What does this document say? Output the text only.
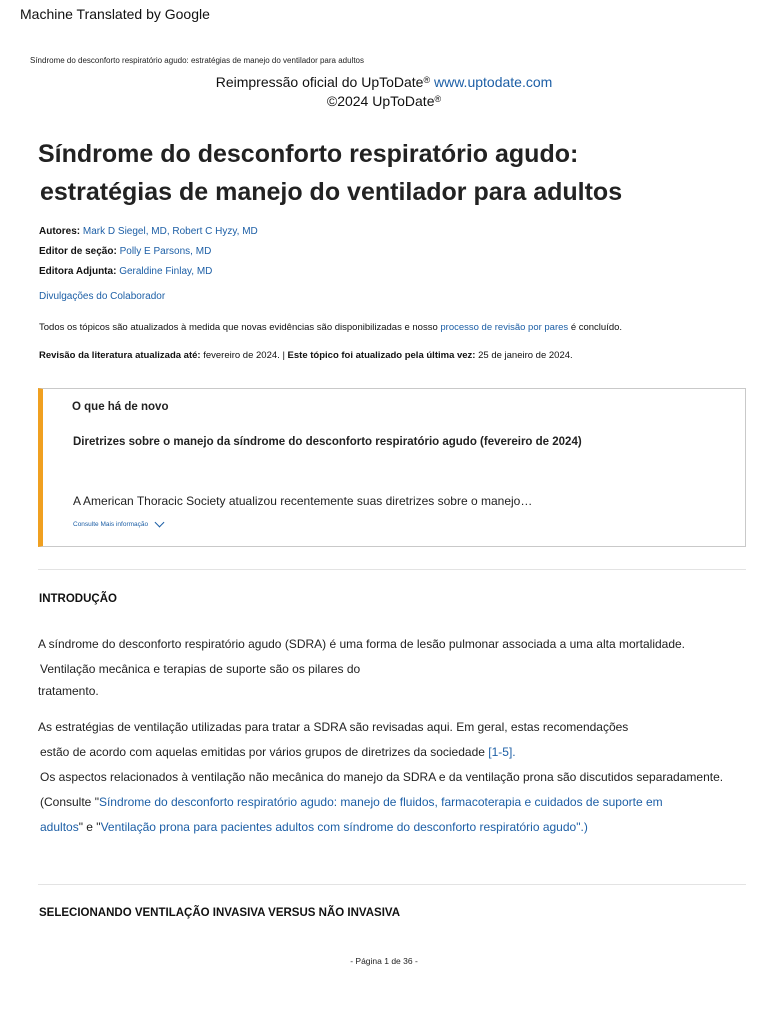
Machine Translated by Google
Síndrome do desconforto respiratório agudo: estratégias de manejo do ventilador para adultos
Reimpressão oficial do UpToDate® www.uptodate.com
©2024 UpToDate®
Síndrome do desconforto respiratório agudo:
estratégias de manejo do ventilador para adultos
Autores: Mark D Siegel, MD, Robert C Hyzy, MD
Editor de seção: Polly E Parsons, MD
Editora Adjunta: Geraldine Finlay, MD
Divulgações do Colaborador
Todos os tópicos são atualizados à medida que novas evidências são disponibilizadas e nosso processo de revisão por pares é concluído.
Revisão da literatura atualizada até: fevereiro de 2024. | Este tópico foi atualizado pela última vez: 25 de janeiro de 2024.
O que há de novo
Diretrizes sobre o manejo da síndrome do desconforto respiratório agudo (fevereiro de 2024)
A American Thoracic Society atualizou recentemente suas diretrizes sobre o manejo…
Consulte Mais informação
INTRODUÇÃO
A síndrome do desconforto respiratório agudo (SDRA) é uma forma de lesão pulmonar associada a uma alta mortalidade.
Ventilação mecânica e terapias de suporte são os pilares do
tratamento.
As estratégias de ventilação utilizadas para tratar a SDRA são revisadas aqui. Em geral, estas recomendações
estão de acordo com aquelas emitidas por vários grupos de diretrizes da sociedade [1-5].
Os aspectos relacionados à ventilação não mecânica do manejo da SDRA e da ventilação prona são discutidos separadamente.
(Consulte "Síndrome do desconforto respiratório agudo: manejo de fluidos, farmacoterapia e cuidados de suporte em
adultos" e "Ventilação prona para pacientes adultos com síndrome do desconforto respiratório agudo".)
SELECIONANDO VENTILAÇÃO INVASIVA VERSUS NÃO INVASIVA
- Página 1 de 36 -
